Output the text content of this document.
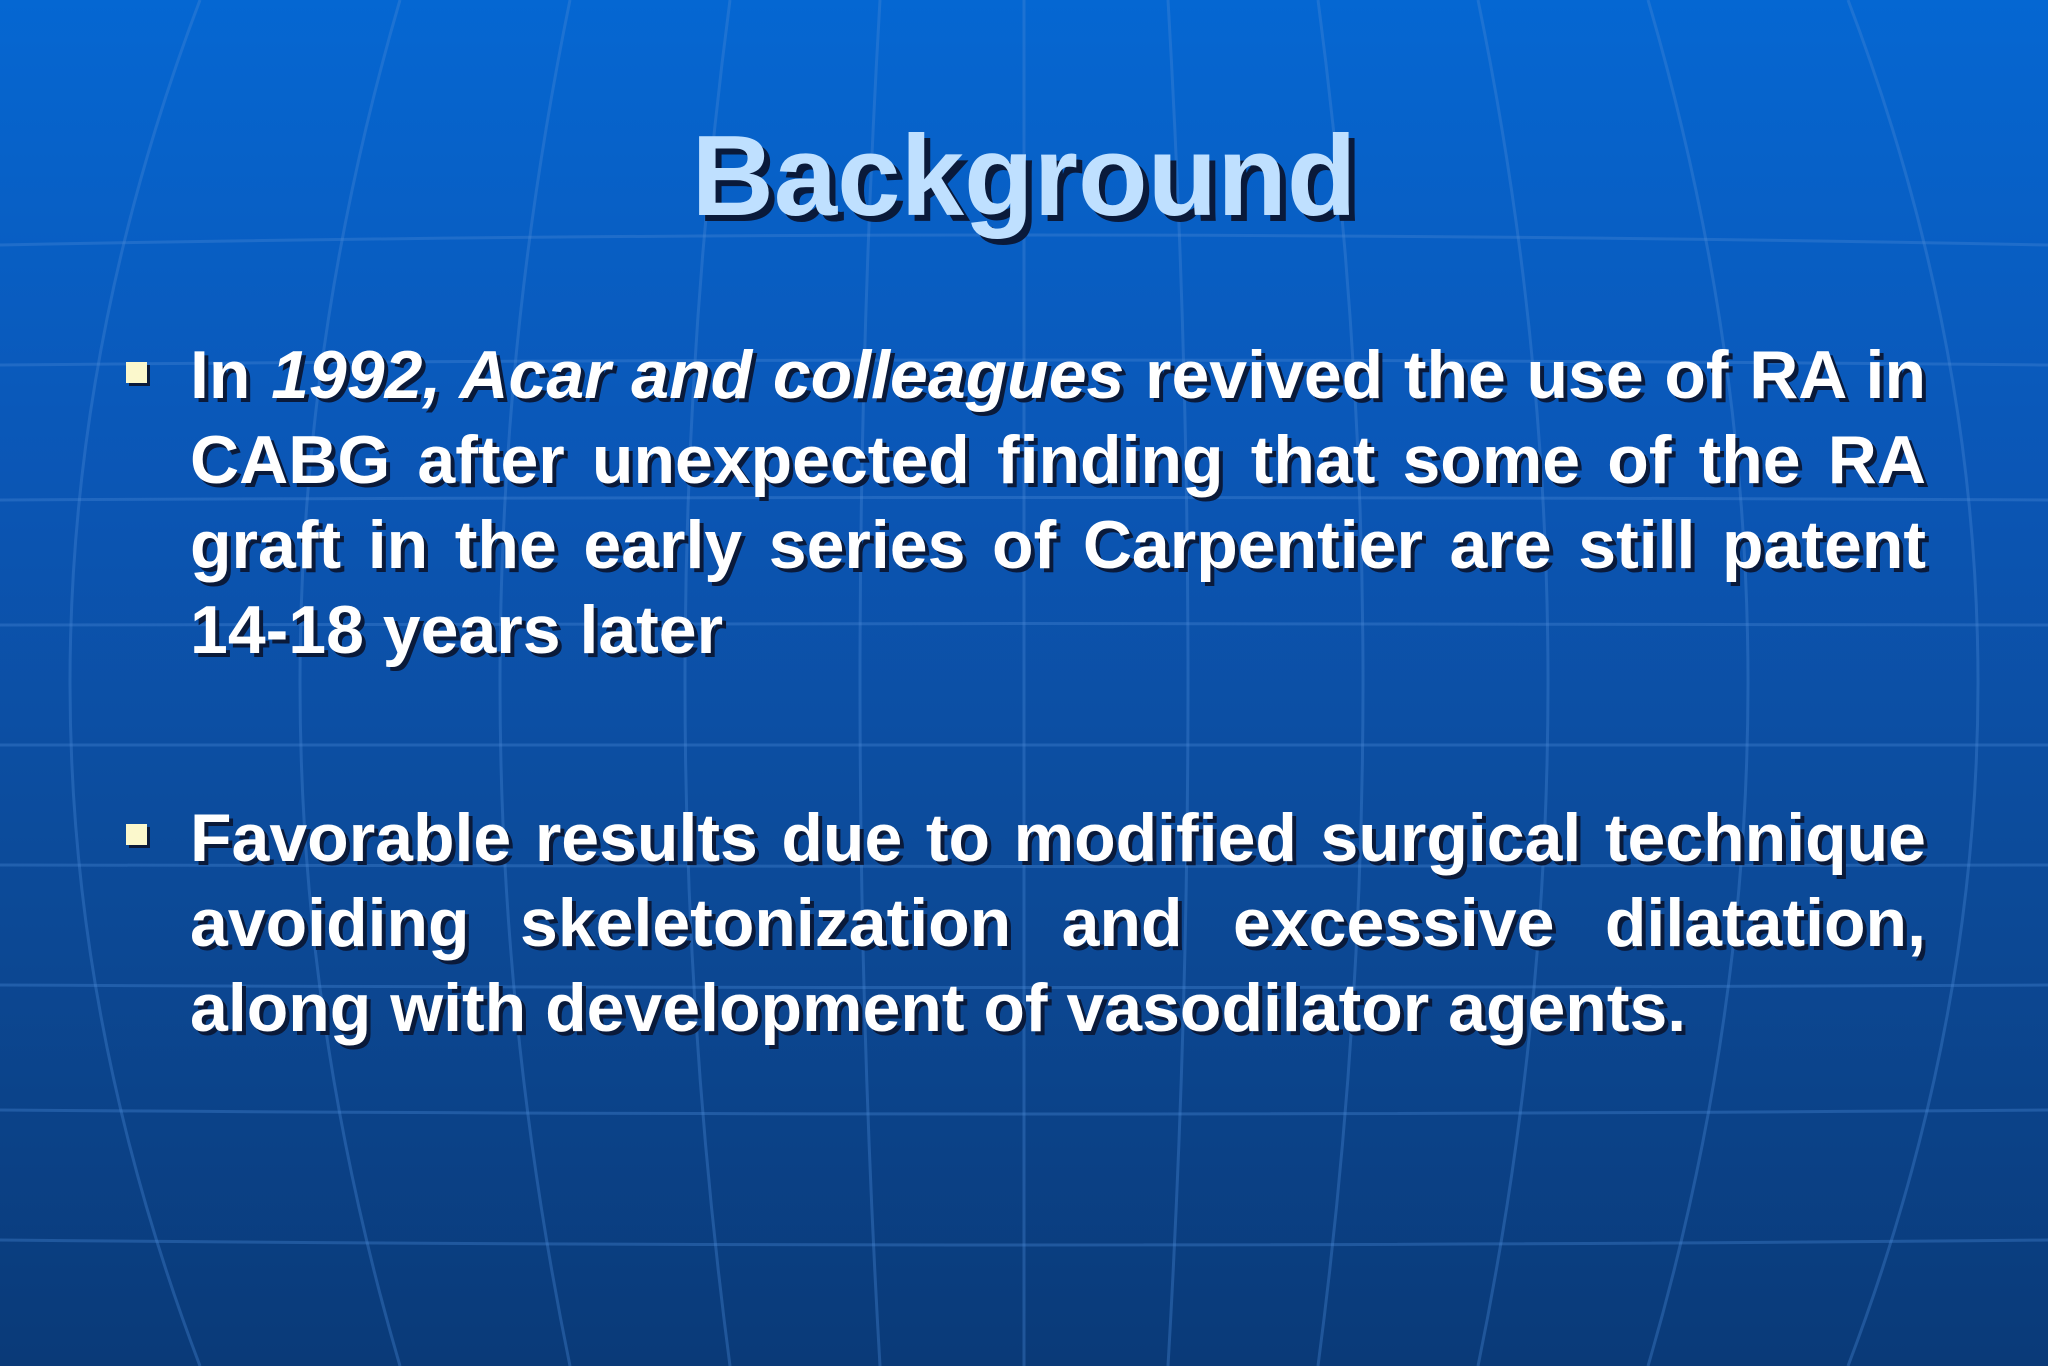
Background

In 1992, Acar and colleagues revived the use of RA in CABG after unexpected finding that some of the RA graft in the early series of Carpentier are still patent 14-18 years later

Favorable results due to modified surgical technique avoiding skeletonization and excessive dilatation, along with development of vasodilator agents.
